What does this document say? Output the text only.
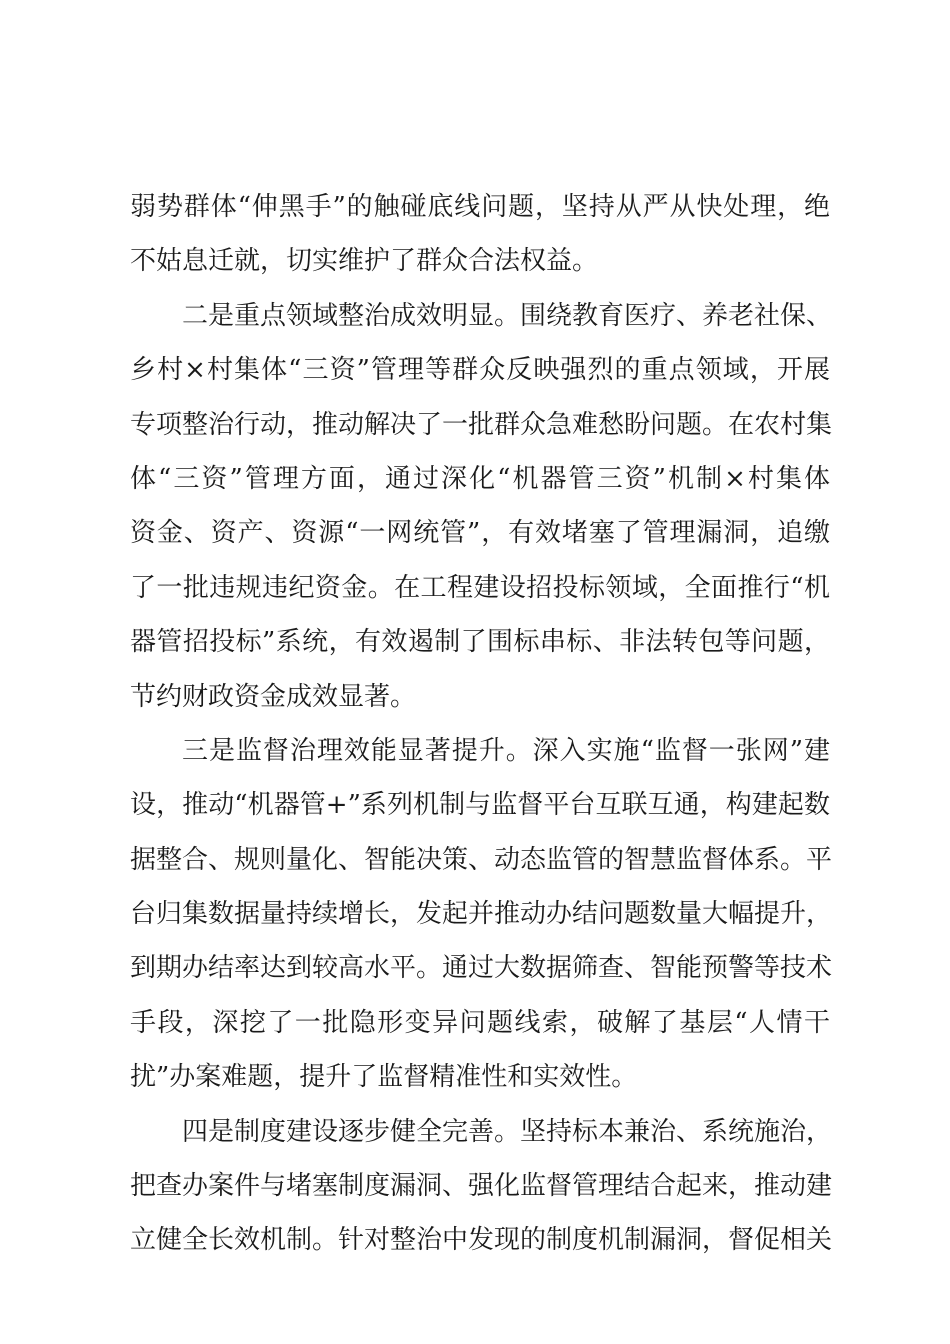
弱势群体“伸黑手”的触碰底线问题，坚持从严从快处理，绝
不姑息迁就，切实维护了群众合法权益。
二是重点领域整治成效明显。围绕教育医疗、养老社保、
乡村×村集体“三资”管理等群众反映强烈的重点领域，开展
专项整治行动，推动解决了一批群众急难愁盼问题。在农村集
体“三资”管理方面，通过深化“机器管三资”机制×村集体
资金、资产、资源“一网统管”，有效堵塞了管理漏洞，追缴
了一批违规违纪资金。在工程建设招投标领域，全面推行“机
器管招投标”系统，有效遏制了围标串标、非法转包等问题，
节约财政资金成效显著。
三是监督治理效能显著提升。深入实施“监督一张网”建
设，推动“机器管+”系列机制与监督平台互联互通，构建起数
据整合、规则量化、智能决策、动态监管的智慧监督体系。平
台归集数据量持续增长，发起并推动办结问题数量大幅提升，
到期办结率达到较高水平。通过大数据筛查、智能预警等技术
手段，深挖了一批隐形变异问题线索，破解了基层“人情干
扰”办案难题，提升了监督精准性和实效性。
四是制度建设逐步健全完善。坚持标本兼治、系统施治，
把查办案件与堵塞制度漏洞、强化监督管理结合起来，推动建
立健全长效机制。针对整治中发现的制度机制漏洞，督促相关
